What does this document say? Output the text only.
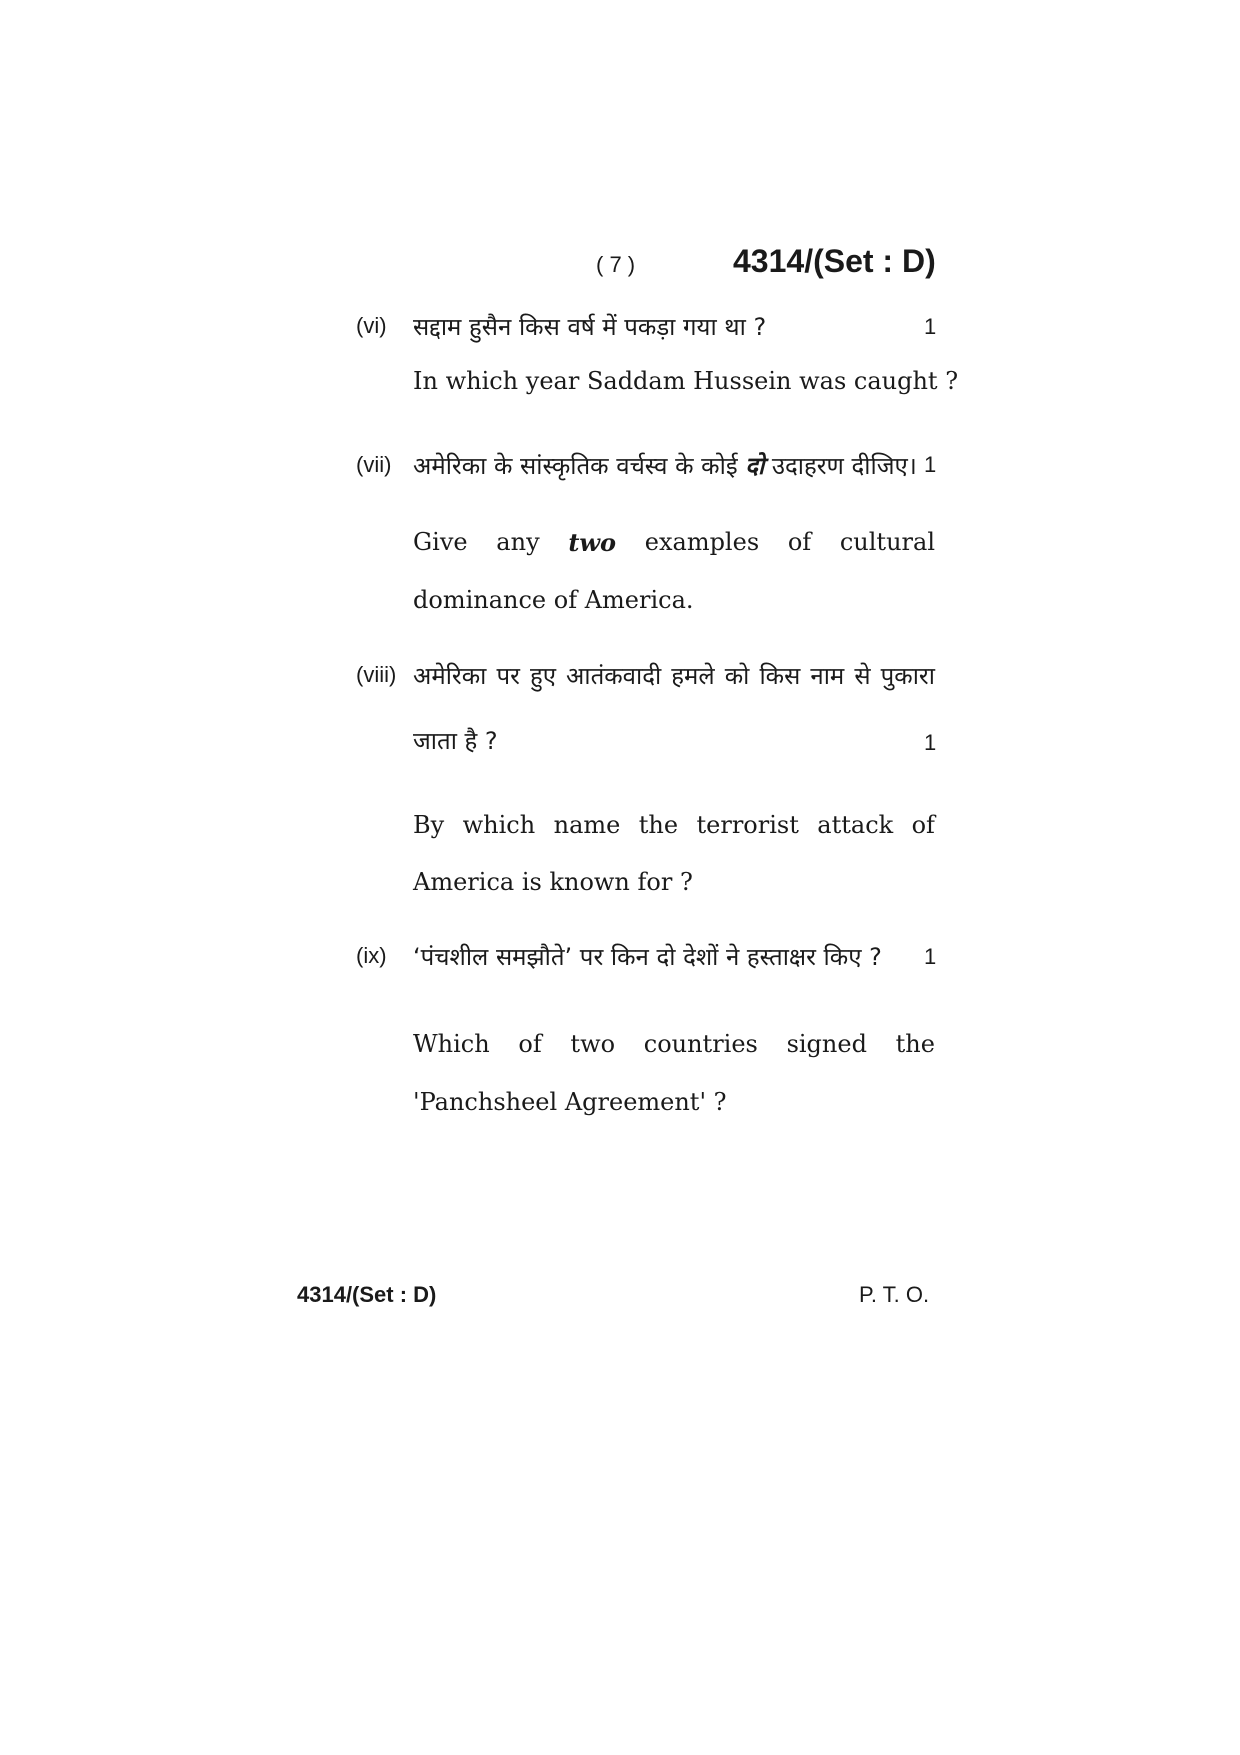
( 7 )	4314/(Set : D)
(vi) सद्दाम हुसैन किस वर्ष में पकड़ा गया था ?	1
In which year Saddam Hussein was caught ?
(vii) अमेरिका के सांस्कृतिक वर्चस्व के कोई दो उदाहरण दीजिए। 1
Give any two examples of cultural
dominance of America.
(viii) अमेरिका पर हुए आतंकवादी हमले को किस नाम से पुकारा
जाता है ?	1
By which name the terrorist attack of
America is known for ?
(ix) ‘पंचशील समझौते’ पर किन दो देशों ने हस्ताक्षर किए ? 1
Which of two countries signed the
'Panchsheel Agreement' ?
4314/(Set : D)	P. T. O.
